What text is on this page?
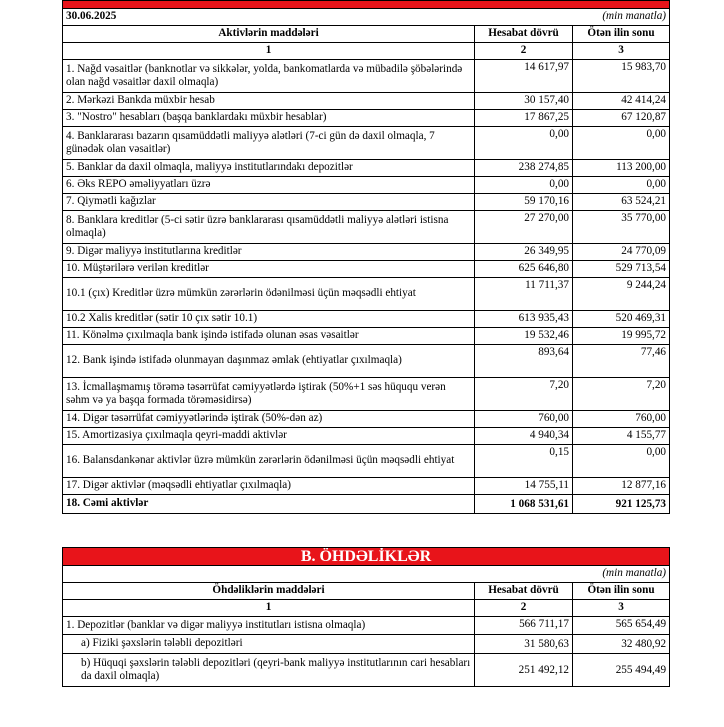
30.06.2025		(min manatla)
Aktivlərin maddələri	Hesabat dövrü	Ötən ilin sonu
1	2	3
1. Nağd vəsaitlər (banknotlar və sikkələr, yolda, bankomatlarda və mübadilə şöbələrində olan nağd vəsaitlər daxil olmaqla)	14 617,97	15 983,70
2. Mərkəzi Bankda müxbir hesab	30 157,40	42 414,24
3. "Nostro" hesabları (başqa banklardakı müxbir hesablar)	17 867,25	67 120,87
4. Banklararası bazarın qısamüddətli maliyyə alətləri (7-ci gün də daxil olmaqla, 7 günədək olan vəsaitlər)	0,00	0,00
5. Banklar da daxil olmaqla, maliyyə institutlarındakı depozitlər	238 274,85	113 200,00
6. Əks REPO əməliyyatları üzrə	0,00	0,00
7. Qiymətli kağızlar	59 170,16	63 524,21
8. Banklara kreditlər (5-ci sətir üzrə banklararası qısamüddətli maliyyə alətləri istisna olmaqla)	27 270,00	35 770,00
9. Digər maliyyə institutlarına kreditlər	26 349,95	24 770,09
10. Müştərilərə verilən kreditlər	625 646,80	529 713,54
10.1 (çıx) Kreditlər üzrə mümkün zərərlərin ödənilməsi üçün məqsədli ehtiyat	11 711,37	9 244,24
10.2 Xalis kreditlər (sətir 10 çıx sətir 10.1)	613 935,43	520 469,31
11. Könəlmə çıxılmaqla bank işində istifadə olunan əsas vəsaitlər	19 532,46	19 995,72
12. Bank işində istifadə olunmayan daşınmaz əmlak (ehtiyatlar çıxılmaqla)	893,64	77,46
13. İcmallaşmamış törəmə təsərrüfat cəmiyyətlərdə iştirak (50%+1 səs hüququ verən səhm və ya başqa formada törəməsidirsə)	7,20	7,20
14. Digər təsərrüfat cəmiyyətlərində iştirak (50%-dən az)	760,00	760,00
15. Amortizasiya çıxılmaqla qeyri-maddi aktivlər	4 940,34	4 155,77
16. Balansdankənar aktivlər üzrə mümkün zərərlərin ödənilməsi üçün məqsədli ehtiyat	0,15	0,00
17. Digər aktivlər (məqsədli ehtiyatlar çıxılmaqla)	14 755,11	12 877,16
18. Cəmi aktivlər	1 068 531,61	921 125,73
B. ÖHDƏLİKLƏR		
(min manatla)		
Öhdəliklərin maddələri	Hesabat dövrü	Ötən ilin sonu
1	2	3
1. Depozitlər (banklar və digər maliyyə institutları istisna olmaqla)	566 711,17	565 654,49
a) Fiziki şəxslərin tələbli depozitləri	31 580,63	32 480,92
b) Hüquqi şəxslərin tələbli depozitləri (qeyri-bank maliyyə institutlarının cari hesabları da daxil olmaqla)	251 492,12	255 494,49
